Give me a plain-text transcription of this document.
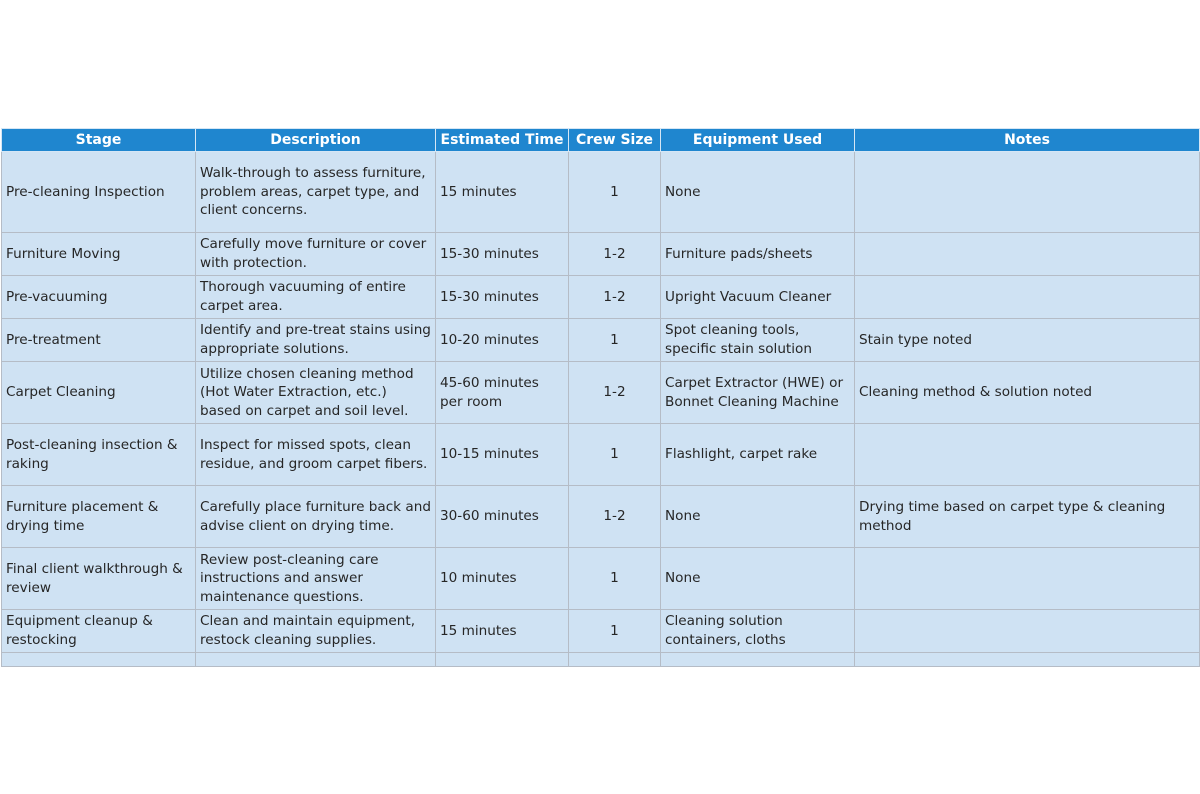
Stage	Description	Estimated Time	Crew Size	Equipment Used	Notes
Pre-cleaning Inspection	Walk-through to assess furniture, problem areas, carpet type, and client concerns.	15 minutes	1	None	
Furniture Moving	Carefully move furniture or cover with protection.	15-30 minutes	1-2	Furniture pads/sheets	
Pre-vacuuming	Thorough vacuuming of entire carpet area.	15-30 minutes	1-2	Upright Vacuum Cleaner	
Pre-treatment	Identify and pre-treat stains using appropriate solutions.	10-20 minutes	1	Spot cleaning tools, specific stain solution	Stain type noted
Carpet Cleaning	Utilize chosen cleaning method (Hot Water Extraction, etc.) based on carpet and soil level.	45-60 minutes per room	1-2	Carpet Extractor (HWE) or Bonnet Cleaning Machine	Cleaning method & solution noted
Post-cleaning insection & raking	Inspect for missed spots, clean residue, and groom carpet fibers.	10-15 minutes	1	Flashlight, carpet rake	
Furniture placement & drying time	Carefully place furniture back and advise client on drying time.	30-60 minutes	1-2	None	Drying time based on carpet type & cleaning method
Final client walkthrough & review	Review post-cleaning care instructions and answer maintenance questions.	10 minutes	1	None	
Equipment cleanup & restocking	Clean and maintain equipment, restock cleaning supplies.	15 minutes	1	Cleaning solution containers, cloths	
